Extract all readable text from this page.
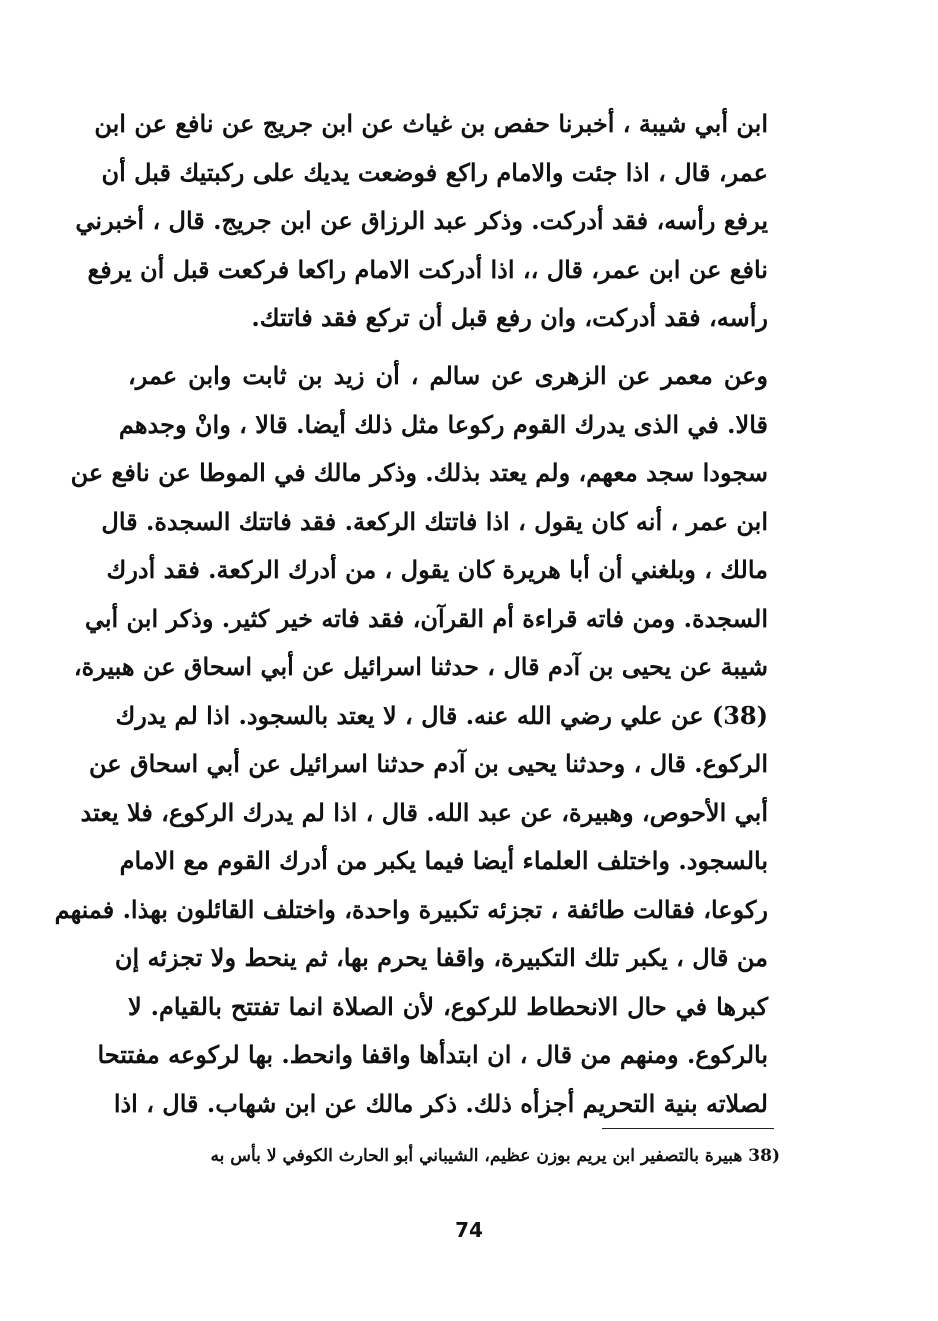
ابن أبي شيبة ، أخبرنا حفص بن غياث عن ابن جريج عن نافع عن ابن
عمر، قال ، اذا جئت والامام راكع فوضعت يديك على ركبتيك قبل أن
يرفع رأسه، فقد أدركت. وذكر عبد الرزاق عن ابن جريج. قال ، أخبرني
نافع عن ابن عمر، قال ،، اذا أدركت الامام راكعا فركعت قبل أن يرفع
رأسه، فقد أدركت، وان رفع قبل أن تركع فقد فاتتك.
وعن معمر عن الزهرى عن سالم ، أن زيد بن ثابت وابن عمر،
قالا. في الذى يدرك القوم ركوعا مثل ذلك أيضا. قالا ، وانْ وجدهم
سجودا سجد معهم، ولم يعتد بذلك. وذكر مالك في الموطا عن نافع عن
ابن عمر ، أنه كان يقول ، اذا فاتتك الركعة. فقد فاتتك السجدة. قال
مالك ، وبلغني أن أبا هريرة كان يقول ، من أدرك الركعة. فقد أدرك
السجدة. ومن فاته قراءة أم القرآن، فقد فاته خير كثير. وذكر ابن أبي
شيبة عن يحيى بن آدم قال ، حدثنا اسرائيل عن أبي اسحاق عن هبيرة،
(38) عن علي رضي الله عنه. قال ، لا يعتد بالسجود. اذا لم يدرك
الركوع. قال ، وحدثنا يحيى بن آدم حدثنا اسرائيل عن أبي اسحاق عن
أبي الأحوص، وهبيرة، عن عبد الله. قال ، اذا لم يدرك الركوع، فلا يعتد
بالسجود. واختلف العلماء أيضا فيما يكبر من أدرك القوم مع الامام
ركوعا، فقالت طائفة ، تجزئه تكبيرة واحدة، واختلف القائلون بهذا. فمنهم
من قال ، يكبر تلك التكبيرة، واقفا يحرم بها، ثم ينحط ولا تجزئه إن
كبرها في حال الانحطاط للركوع، لأن الصلاة انما تفتتح بالقيام. لا
بالركوع. ومنهم من قال ، ان ابتدأها واقفا وانحط. بها لركوعه مفتتحا
لصلاته بنية التحريم أجزأه ذلك. ذكر مالك عن ابن شهاب. قال ، اذا
(38 هبيرة بالتصفير ابن يريم بوزن عظيم، الشيباني أبو الحارث الكوفي لا بأس به
74
